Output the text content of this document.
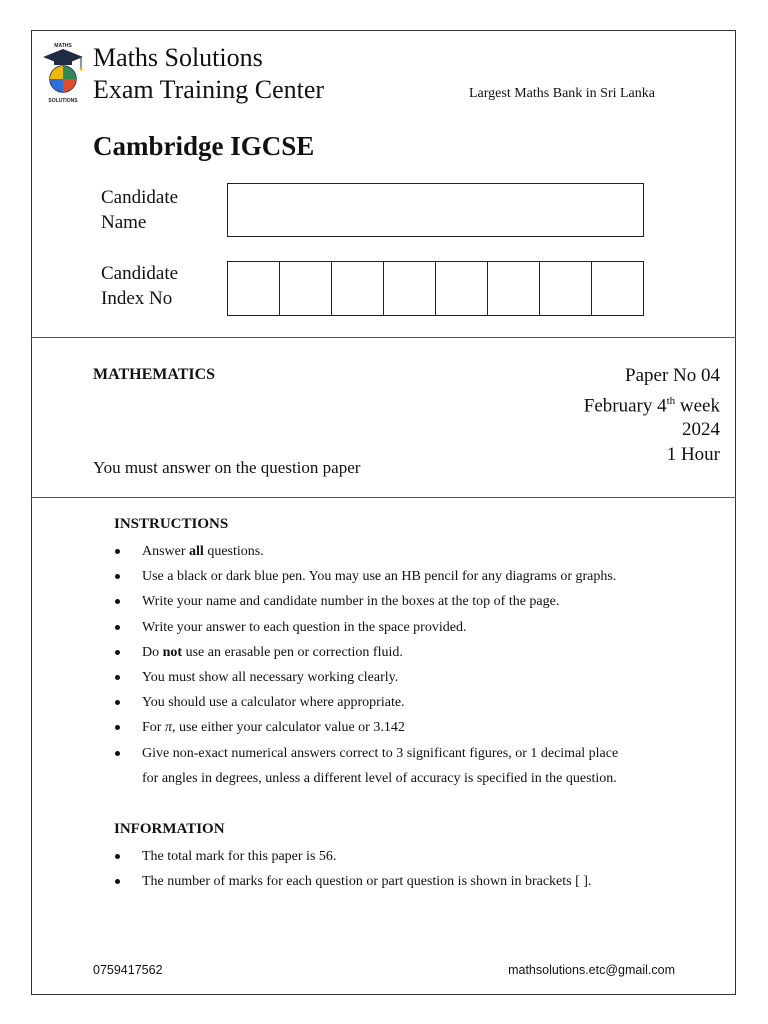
MATHS
SOLUTIONS
Maths Solutions
Exam Training Center	Largest Maths Bank in Sri Lanka
Cambridge IGCSE
Candidate
Name
Candidate
Index No
MATHEMATICS	Paper No 04
February 4th week
2024
1 Hour
You must answer on the question paper
INSTRUCTIONS
Answer all questions.
Use a black or dark blue pen. You may use an HB pencil for any diagrams or graphs.
Write your name and candidate number in the boxes at the top of the page.
Write your answer to each question in the space provided.
Do not use an erasable pen or correction fluid.
You must show all necessary working clearly.
You should use a calculator where appropriate.
For π, use either your calculator value or 3.142
Give non-exact numerical answers correct to 3 significant figures, or 1 decimal place
for angles in degrees, unless a different level of accuracy is specified in the question.
INFORMATION
The total mark for this paper is 56.
The number of marks for each question or part question is shown in brackets [ ].
0759417562	mathsolutions.etc@gmail.com
